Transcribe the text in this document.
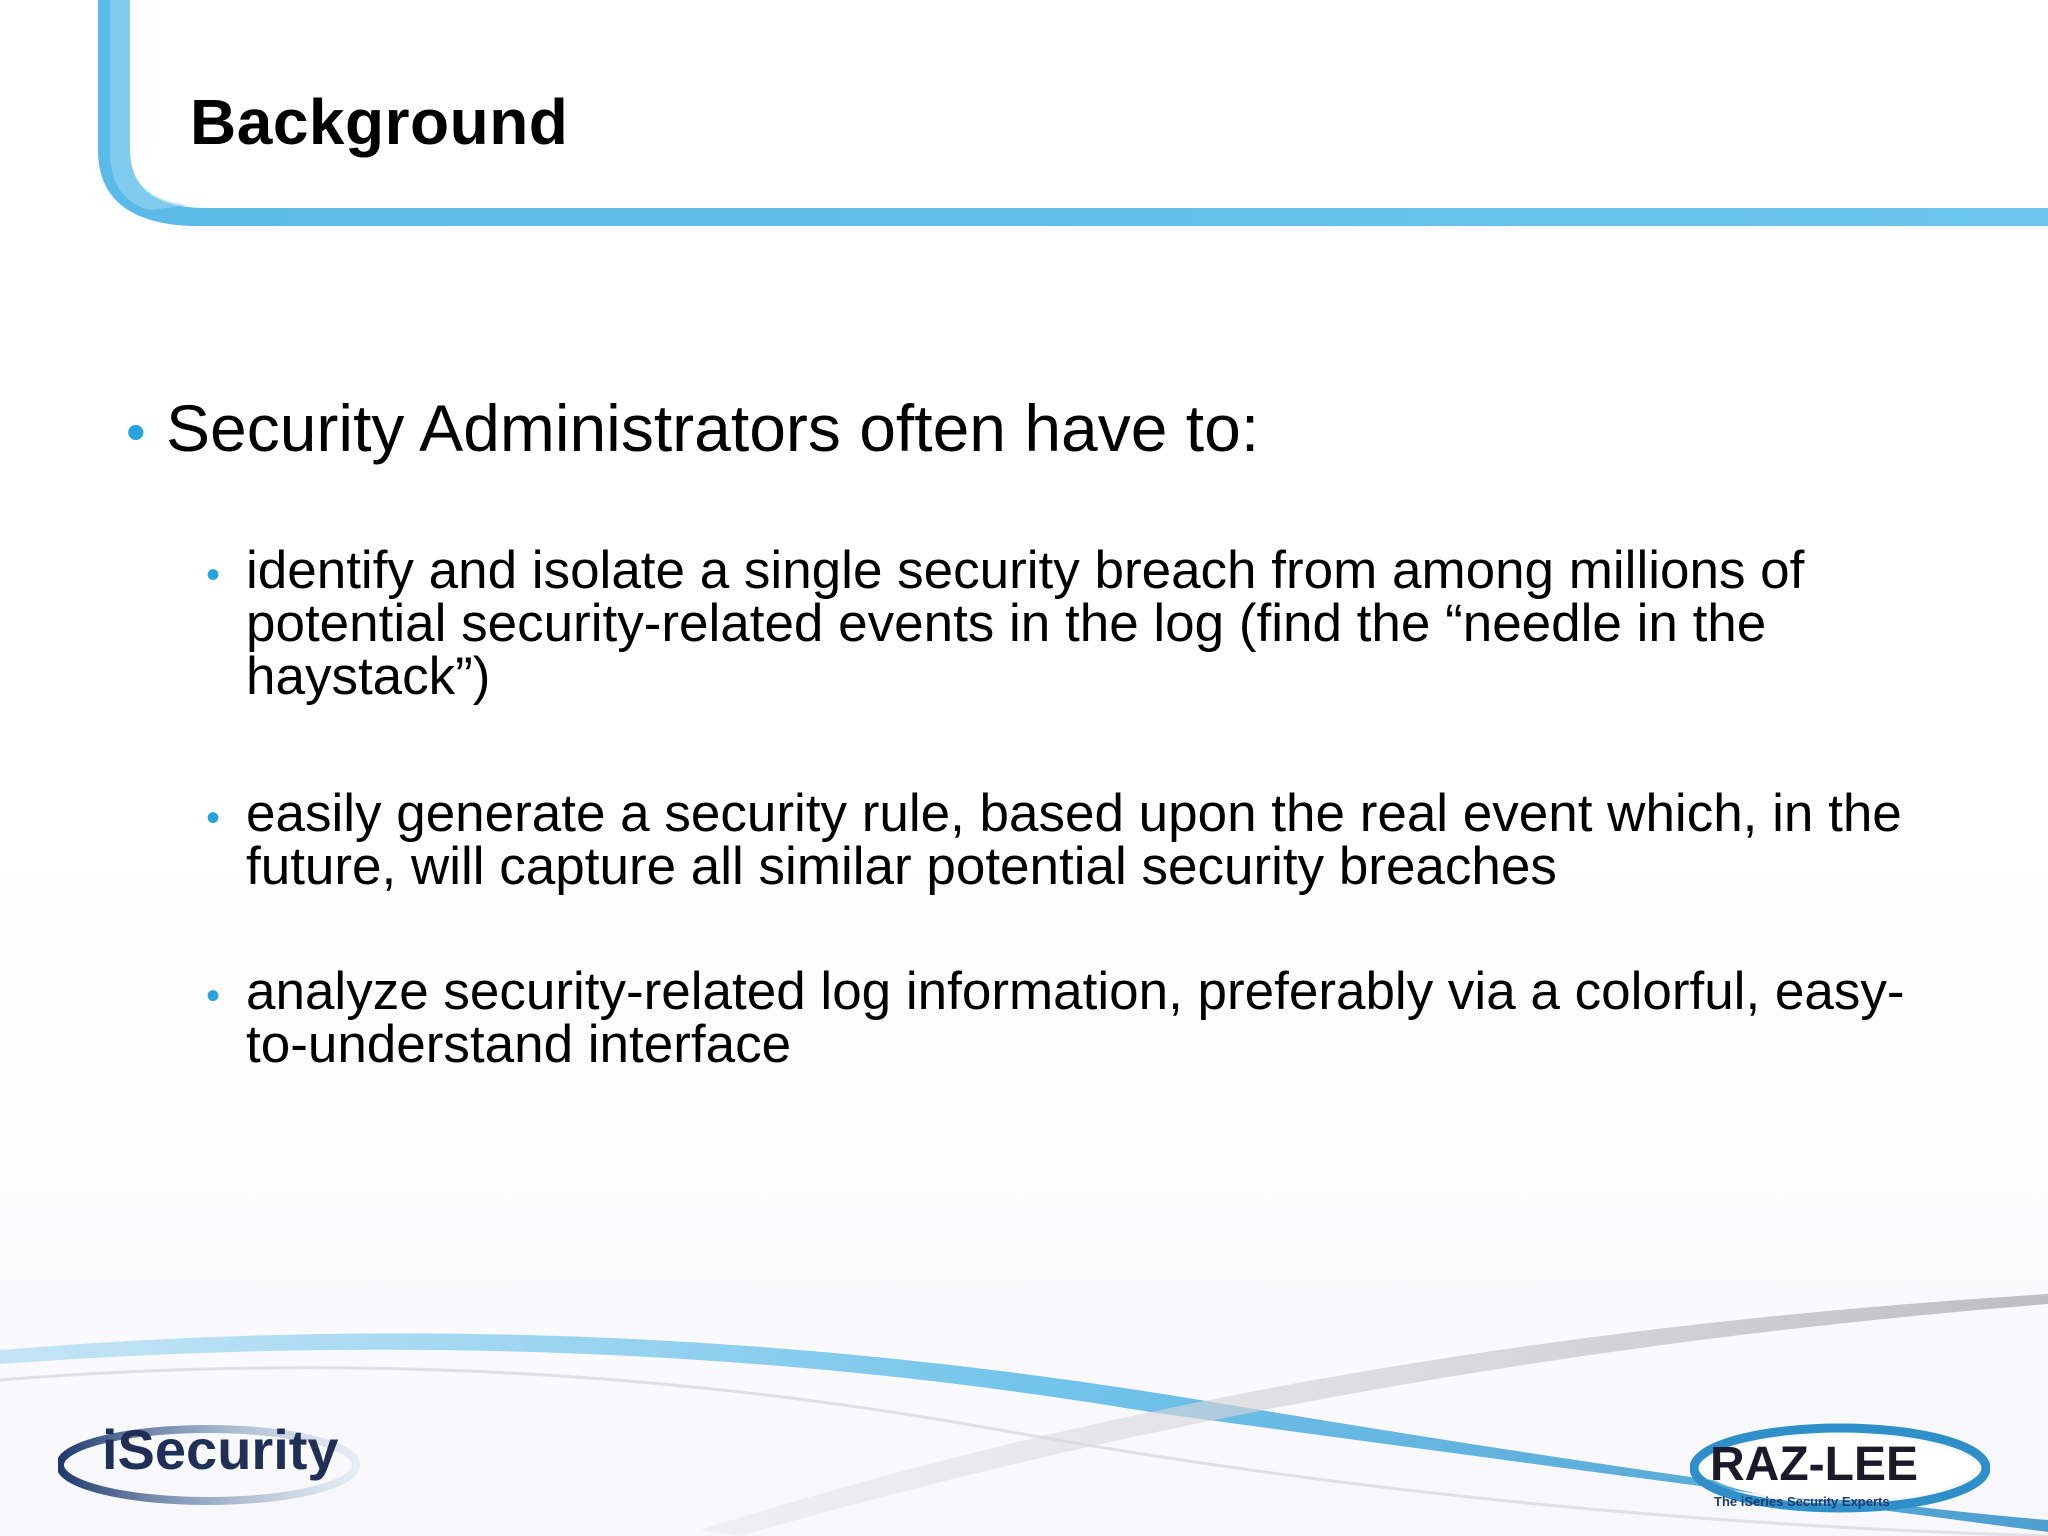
Background
• Security Administrators often have to:
• identify and isolate a single security breach from among millions of potential security-related events in the log (find the “needle in the haystack”)
• easily generate a security rule, based upon the real event which, in the future, will capture all similar potential security breaches
• analyze security-related log information, preferably via a colorful, easy-to-understand interface
iSecurity	RAZ-LEE
The iSeries Security Experts
